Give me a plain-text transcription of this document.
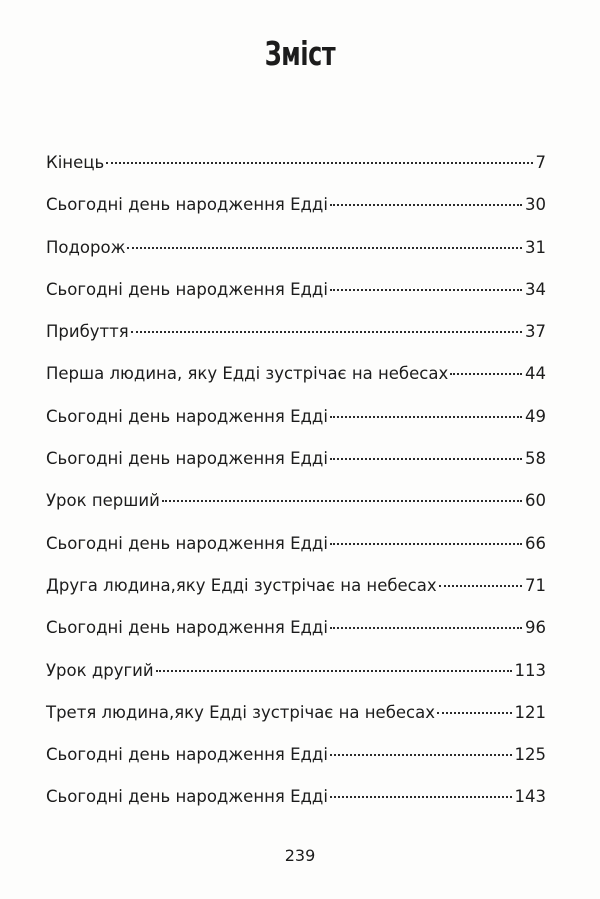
Зміст
Кінець	7
Сьогодні день народження Едді	30
Подорож	31
Сьогодні день народження Едді	34
Прибуття	37
Перша людина, яку Едді зустрічає на небесах	44
Сьогодні день народження Едді	49
Сьогодні день народження Едді	58
Урок перший	60
Сьогодні день народження Едді	66
Друга людина,яку Едді зустрічає на небесах	71
Сьогодні день народження Едді	96
Урок другий	113
Третя людина,яку Едді зустрічає на небесах	121
Сьогодні день народження Едді	125
Сьогодні день народження Едді	143
239
